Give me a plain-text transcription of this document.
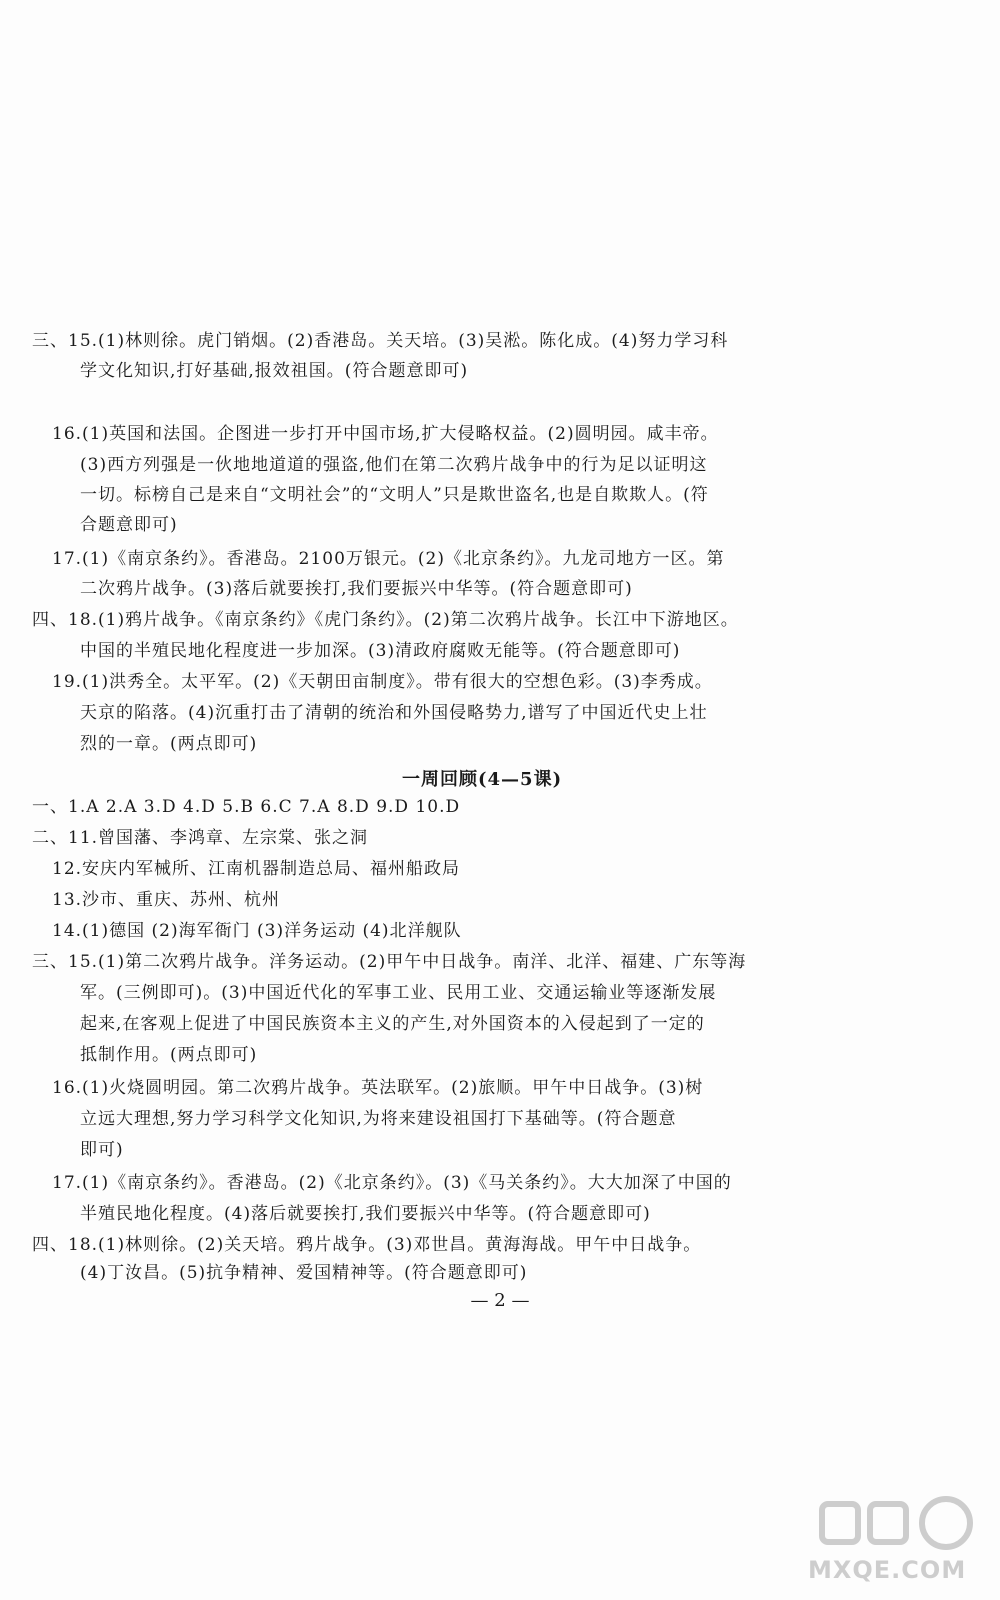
三、15.(1)林则徐。虎门销烟。(2)香港岛。关天培。(3)吴淞。陈化成。(4)努力学习科
学文化知识,打好基础,报效祖国。(符合题意即可)
16.(1)英国和法国。企图进一步打开中国市场,扩大侵略权益。(2)圆明园。咸丰帝。
(3)西方列强是一伙地地道道的强盗,他们在第二次鸦片战争中的行为足以证明这
一切。标榜自己是来自“文明社会”的“文明人”只是欺世盗名,也是自欺欺人。(符
合题意即可)
17.(1)《南京条约》。香港岛。2100万银元。(2)《北京条约》。九龙司地方一区。第
二次鸦片战争。(3)落后就要挨打,我们要振兴中华等。(符合题意即可)
四、18.(1)鸦片战争。《南京条约》《虎门条约》。(2)第二次鸦片战争。长江中下游地区。
中国的半殖民地化程度进一步加深。(3)清政府腐败无能等。(符合题意即可)
19.(1)洪秀全。太平军。(2)《天朝田亩制度》。带有很大的空想色彩。(3)李秀成。
天京的陷落。(4)沉重打击了清朝的统治和外国侵略势力,谱写了中国近代史上壮
烈的一章。(两点即可)
一周回顾(4—5课)
一、1.A 2.A 3.D 4.D 5.B 6.C 7.A 8.D 9.D 10.D
二、11.曾国藩、李鸿章、左宗棠、张之洞
12.安庆内军械所、江南机器制造总局、福州船政局
13.沙市、重庆、苏州、杭州
14.(1)德国 (2)海军衙门 (3)洋务运动 (4)北洋舰队
三、15.(1)第二次鸦片战争。洋务运动。(2)甲午中日战争。南洋、北洋、福建、广东等海
军。(三例即可)。(3)中国近代化的军事工业、民用工业、交通运输业等逐渐发展
起来,在客观上促进了中国民族资本主义的产生,对外国资本的入侵起到了一定的
抵制作用。(两点即可)
16.(1)火烧圆明园。第二次鸦片战争。英法联军。(2)旅顺。甲午中日战争。(3)树
立远大理想,努力学习科学文化知识,为将来建设祖国打下基础等。(符合题意
即可)
17.(1)《南京条约》。香港岛。(2)《北京条约》。(3)《马关条约》。大大加深了中国的
半殖民地化程度。(4)落后就要挨打,我们要振兴中华等。(符合题意即可)
四、18.(1)林则徐。(2)关天培。鸦片战争。(3)邓世昌。黄海海战。甲午中日战争。
(4)丁汝昌。(5)抗争精神、爱国精神等。(符合题意即可)
— 2 —
MXQE.COM
